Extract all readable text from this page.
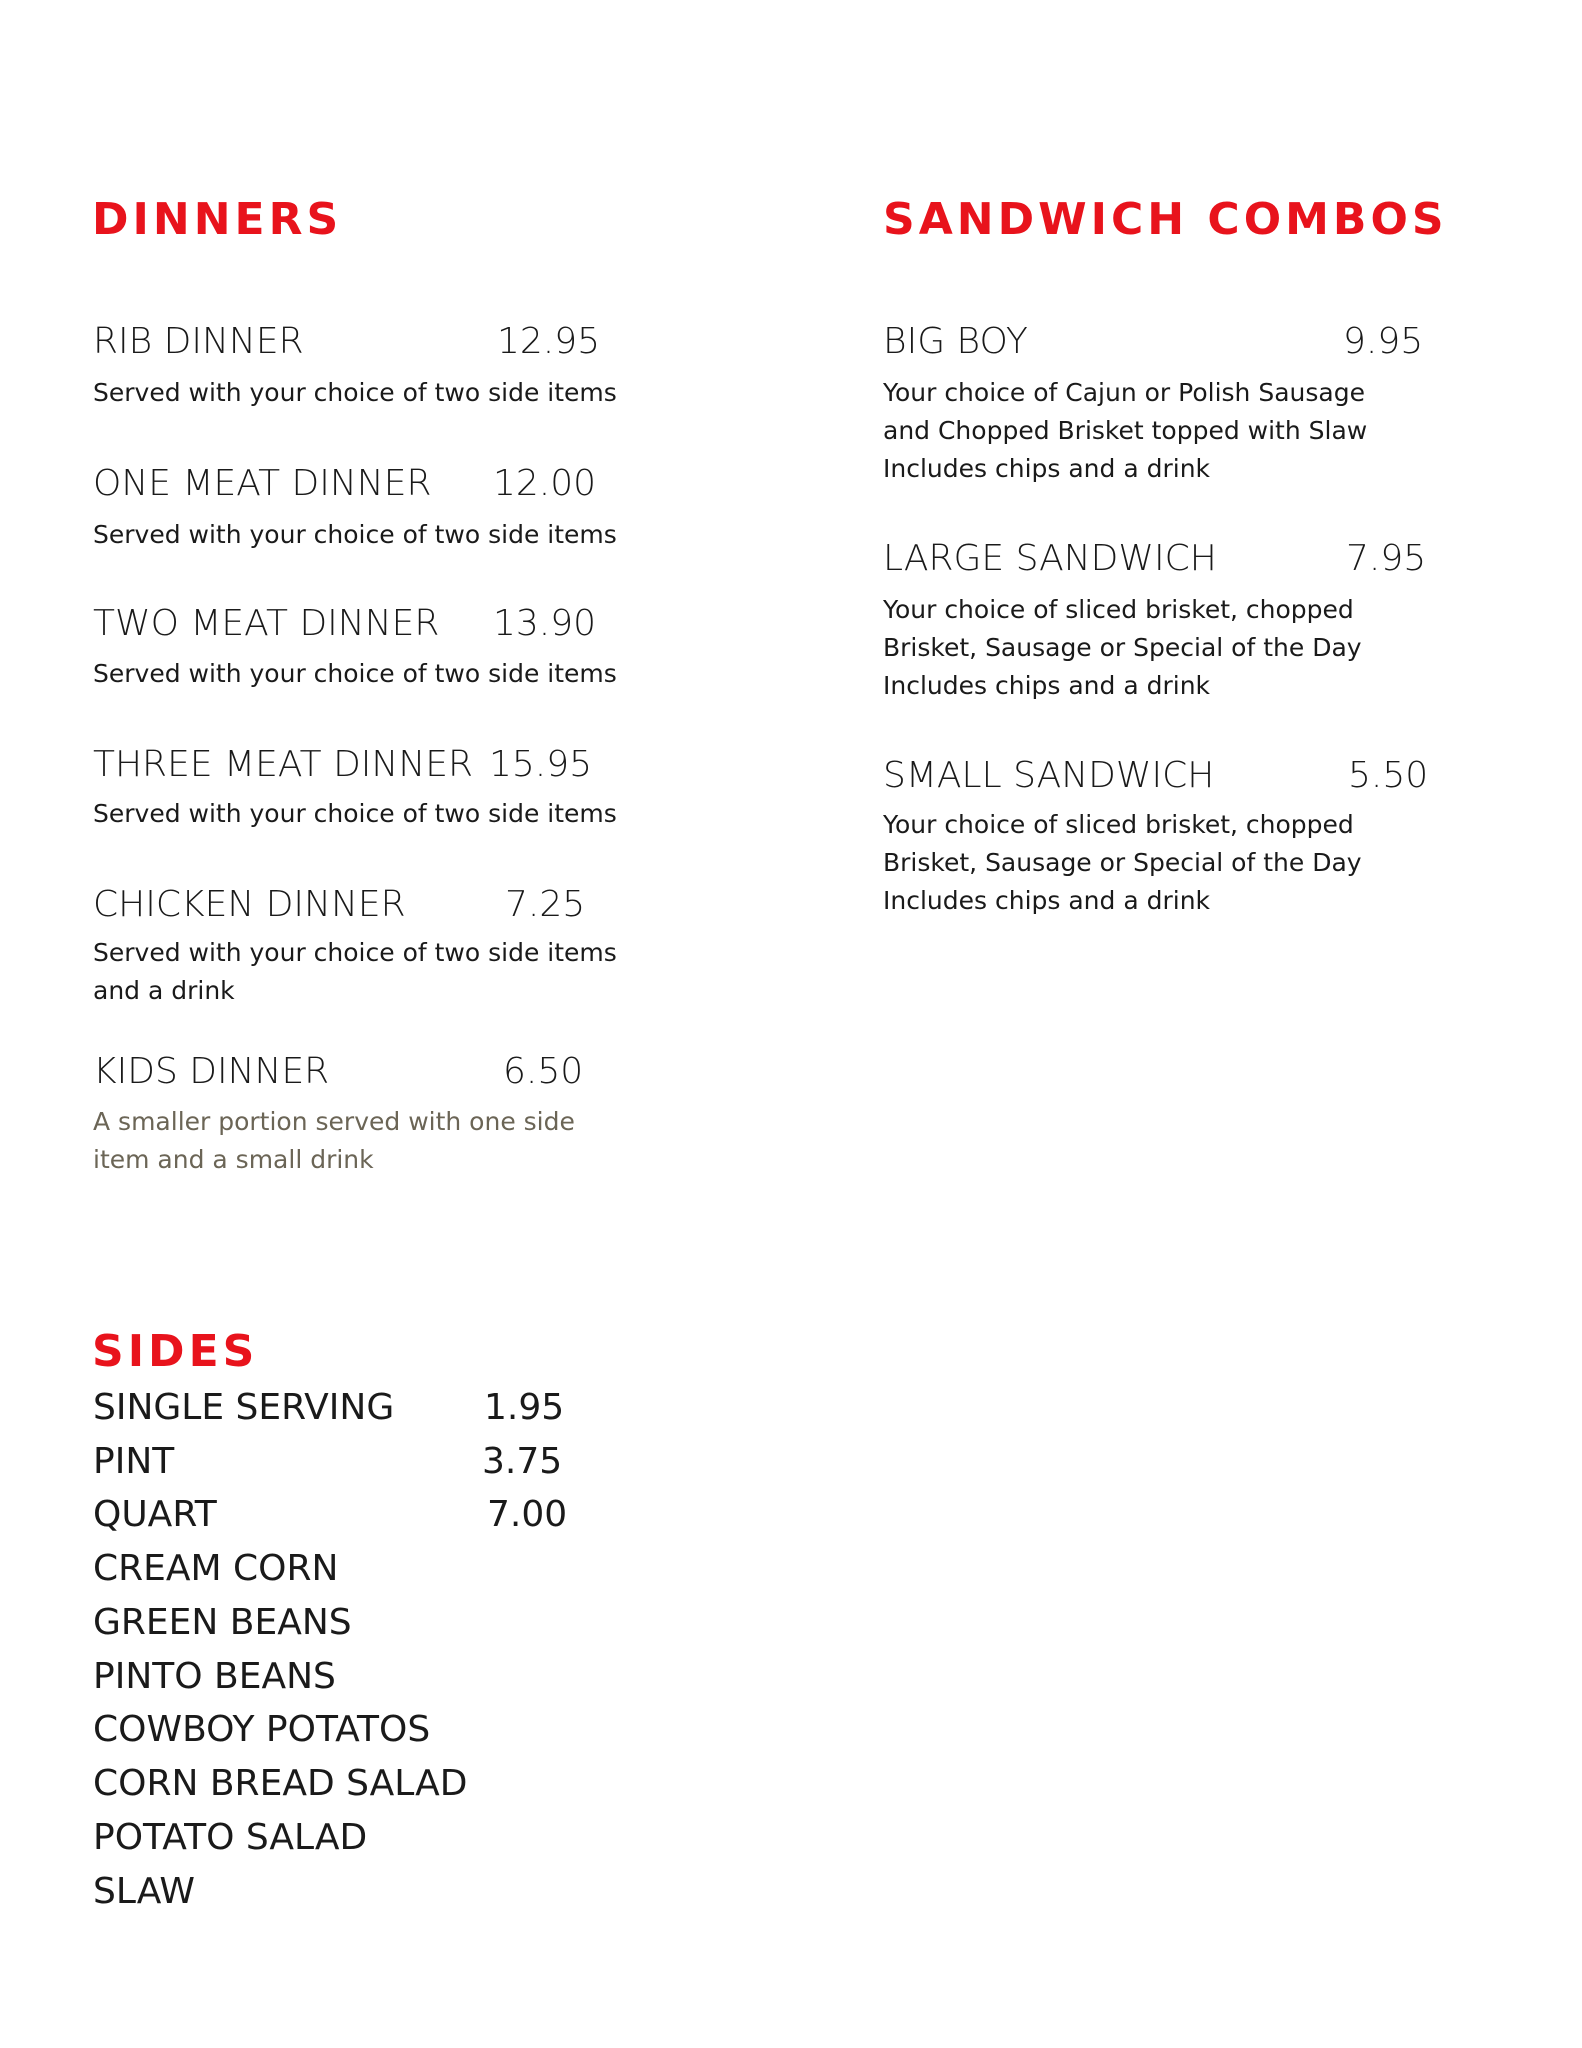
DINNERS
RIB DINNER	12.95
Served with your choice of two side items
ONE MEAT DINNER 12.00
Served with your choice of two side items
TWO MEAT DINNER 13.90
Served with your choice of two side items
THREE MEAT DINNER 15.95
Served with your choice of two side items
CHICKEN DINNER	7.25
Served with your choice of two side items
and a drink
KIDS DINNER	6.50
A smaller portion served with one side
item and a small drink
SANDWICH COMBOS
BIG BOY	9.95
Your choice of Cajun or Polish Sausage
and Chopped Brisket topped with Slaw
Includes chips and a drink
LARGE SANDWICH	7.95
Your choice of sliced brisket, chopped
Brisket, Sausage or Special of the Day
Includes chips and a drink
SMALL SANDWICH	5.50
Your choice of sliced brisket, chopped
Brisket, Sausage or Special of the Day
Includes chips and a drink
SIDES
SINGLE SERVING 1.95
PINT	3.75
QUART	7.00
CREAM CORN
GREEN BEANS
PINTO BEANS
COWBOY POTATOS
CORN BREAD SALAD
POTATO SALAD
SLAW
